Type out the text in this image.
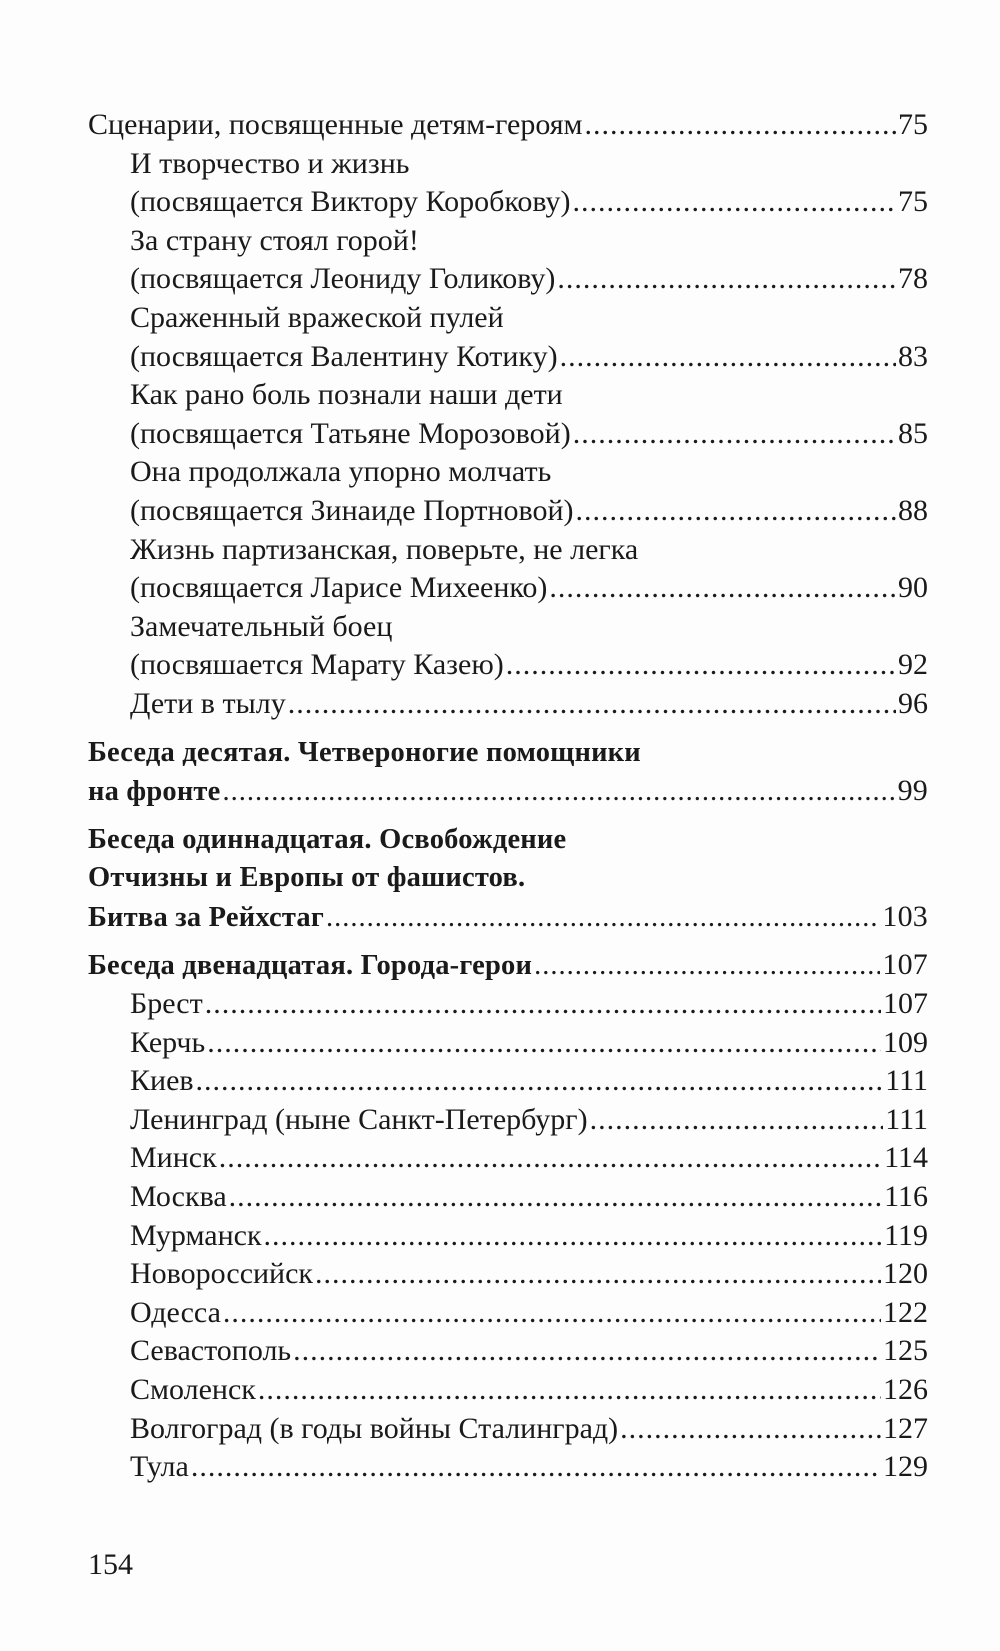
Сценарии, посвященные детям-героям .....	75
И творчество и жизнь
(посвящается Виктору Коробкову) .....	75
За страну стоял горой!
(посвящается Леониду Голикову) .....	78
Сраженный вражеской пулей
(посвящается Валентину Котику) .....	83
Как рано боль познали наши дети
(посвящается Татьяне Морозовой) .....	85
Она продолжала упорно молчать
(посвящается Зинаиде Портновой) .....	88
Жизнь партизанская, поверьте, не легка
(посвящается Ларисе Михеенко) .....	90
Замечательный боец
(посвяшается Марату Казею) .....	92
Дети в тылу .....	96
Беседа десятая. Четвероногие помощники
на фронте .....	99
Беседа одиннадцатая. Освобождение
Отчизны и Европы от фашистов.
Битва за Рейхстаг .....	103
Беседа двенадцатая. Города-герои .....	107
Брест .....	107
Керчь .....	109
Киев .....	111
Ленинград (ныне Санкт-Петербург) .....	111
Минск .....	114
Москва .....	116
Мурманск .....	119
Новороссийск .....	120
Одесса .....	122
Севастополь .....	125
Смоленск .....	126
Волгоград (в годы войны Сталинград) .....	127
Тула .....	129
154
